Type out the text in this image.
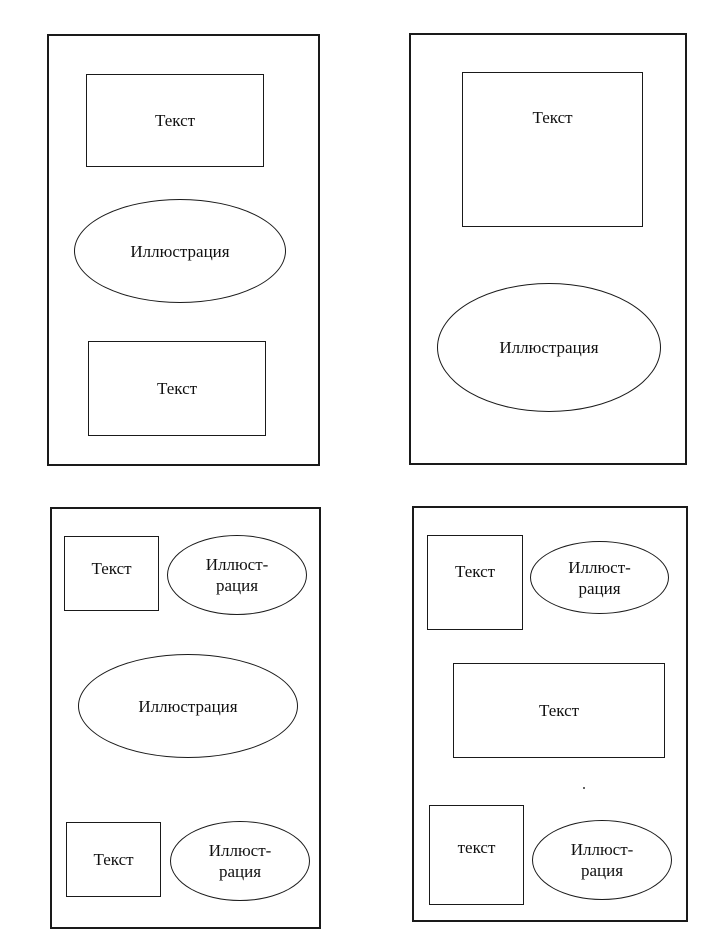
Текст
Иллюстрация
Текст
Текст
Иллюстрация
Текст	Иллюст-
рация
Иллюстрация
Текст	Иллюст-
рация
Текст	Иллюст-
рация
Текст
текст	Иллюст-
рация
